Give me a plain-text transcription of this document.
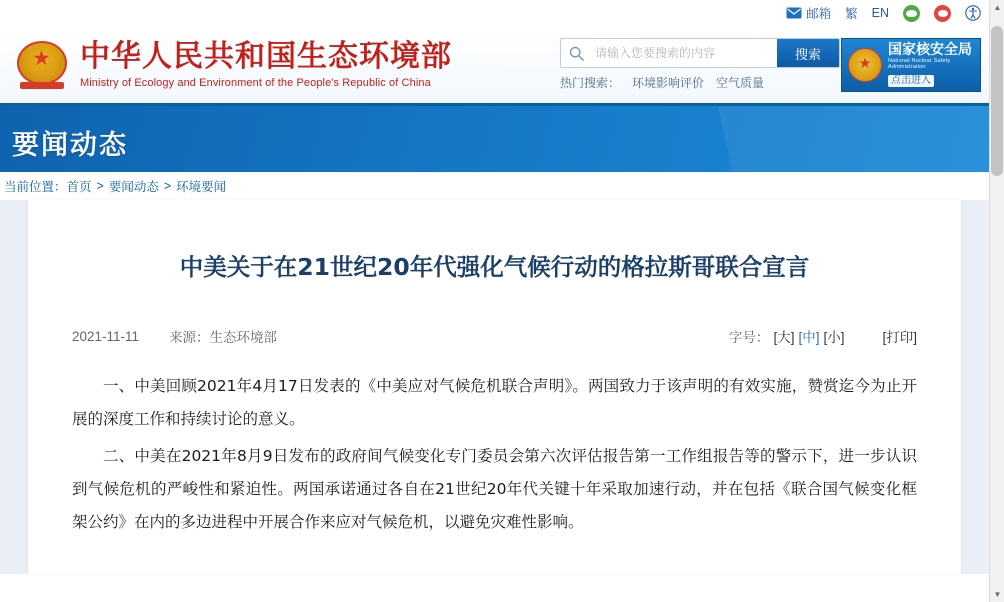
邮箱 繁 EN
★ 中华人民共和国生态环境部
Ministry of Ecology and Environment of the People's Republic of China
请输入您要搜索的内容
搜索
热门搜索： 环境影响评价 空气质量
★
国家核安全局
National Nuclear Safety Administration
点击进入
要闻动态
当前位置： 首页 > 要闻动态 > 环境要闻
中美关于在21世纪20年代强化气候行动的格拉斯哥联合宣言
2021-11-11 来源： 生态环境部	字号： [大] [中] [小]	[打印]

一、中美回顾2021年4月17日发表的《中美应对气候危机联合声明》。两国致力于该声明的有效实施，赞赏迄今为止开展的深度工作和持续讨论的意义。

二、中美在2021年8月9日发布的政府间气候变化专门委员会第六次评估报告第一工作组报告等的警示下，进一步认识到气候危机的严峻性和紧迫性。两国承诺通过各自在21世纪20年代关键十年采取加速行动，并在包括《联合国气候变化框架公约》在内的多边进程中开展合作来应对气候危机，以避免灾难性影响。

▲
▼
